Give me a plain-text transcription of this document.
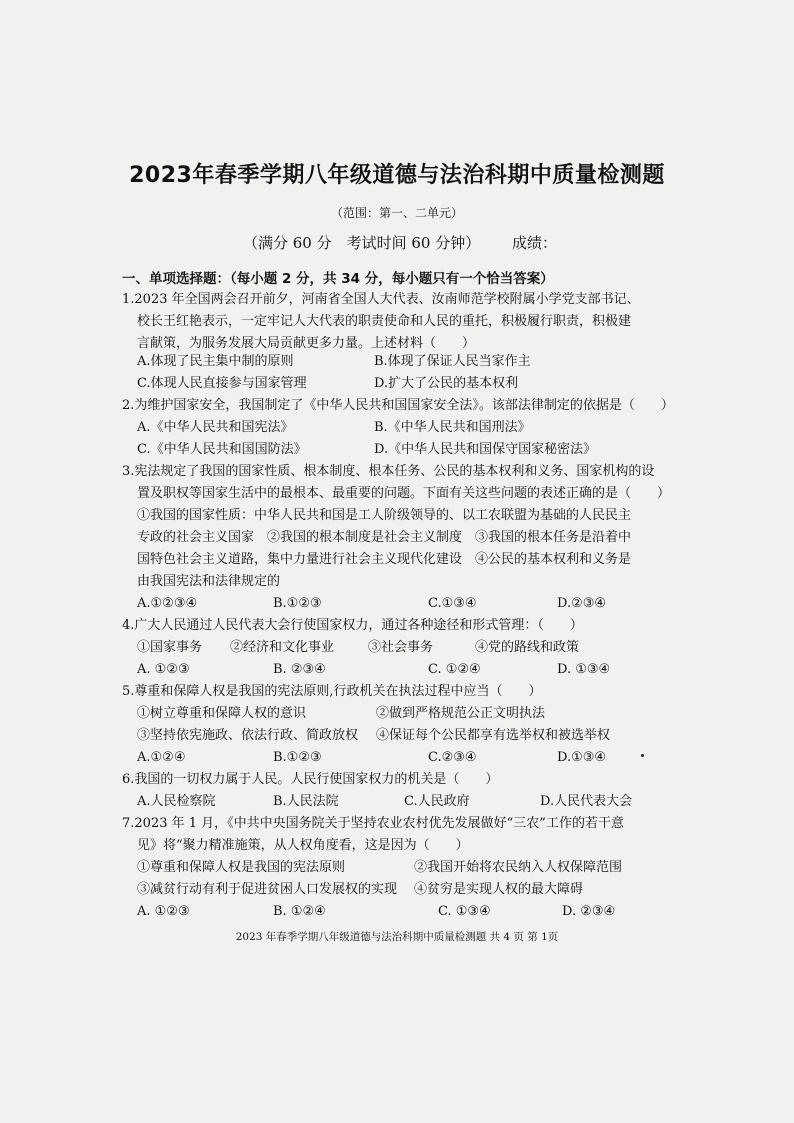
2023年春季学期八年级道德与法治科期中质量检测题
（范围：第一、二单元）
（满分 60 分　考试时间 60 分钟） 成绩：
一、单项选择题：（每小题 2 分，共 34 分，每小题只有一个恰当答案）
1.2023 年全国两会召开前夕，河南省全国人大代表、汝南师范学校附属小学党支部书记、
校长王红艳表示，一定牢记人大代表的职责使命和人民的重托，积极履行职责，积极建
言献策，为服务发展大局贡献更多力量。上述材料（　　）
A.体现了民主集中制的原则	B.体现了保证人民当家作主
C.体现人民直接参与国家管理	D.扩大了公民的基本权利
2.为维护国家安全，我国制定了《中华人民共和国国家安全法》。该部法律制定的依据是（　　）
A.《中华人民共和国宪法》	B.《中华人民共和国刑法》
C.《中华人民共和国国防法》	D.《中华人民共和国保守国家秘密法》
3.宪法规定了我国的国家性质、根本制度、根本任务、公民的基本权利和义务、国家机构的设
置及职权等国家生活中的最根本、最重要的问题。下面有关这些问题的表述正确的是（　　）
①我国的国家性质：中华人民共和国是工人阶级领导的、以工农联盟为基础的人民民主
专政的社会主义国家　②我国的根本制度是社会主义制度　③我国的根本任务是沿着中
国特色社会主义道路，集中力量进行社会主义现代化建设　④公民的基本权利和义务是
由我国宪法和法律规定的
A.①②③④	B.①②③	C.①③④	D.②③④
4.广大人民通过人民代表大会行使国家权力，通过各种途径和形式管理：（　　）
①国家事务 ②经济和文化事业	③社会事务	④党的路线和政策
A. ①②③	B. ②③④	C. ①②④	D. ①③④
5.尊重和保障人权是我国的宪法原则,行政机关在执法过程中应当（　　）
①树立尊重和保障人权的意识	②做到严格规范公正文明执法
③坚持依宪施政、依法行政、简政放权 ④保证每个公民都享有选举权和被选举权
A.①②④	B.①②③	C.②③④	D.①③④
6.我国的一切权力属于人民。人民行使国家权力的机关是（　　）
A.人民检察院	B.人民法院	C.人民政府	D.人民代表大会
7.2023 年 1 月，《中共中央国务院关于坚持农业农村优先发展做好“三农”工作的若干意
见》将“聚力精准施策，从人权角度看，这是因为（　　）
①尊重和保障人权是我国的宪法原则	②我国开始将农民纳入人权保障范围
③减贫行动有利于促进贫困人口发展权的实现 ④贫穷是实现人权的最大障碍
A. ①②③	B. ①②④	C. ①③④	D. ②③④
2023 年春季学期八年级道德与法治科期中质量检测题 共 4 页 第 1页
